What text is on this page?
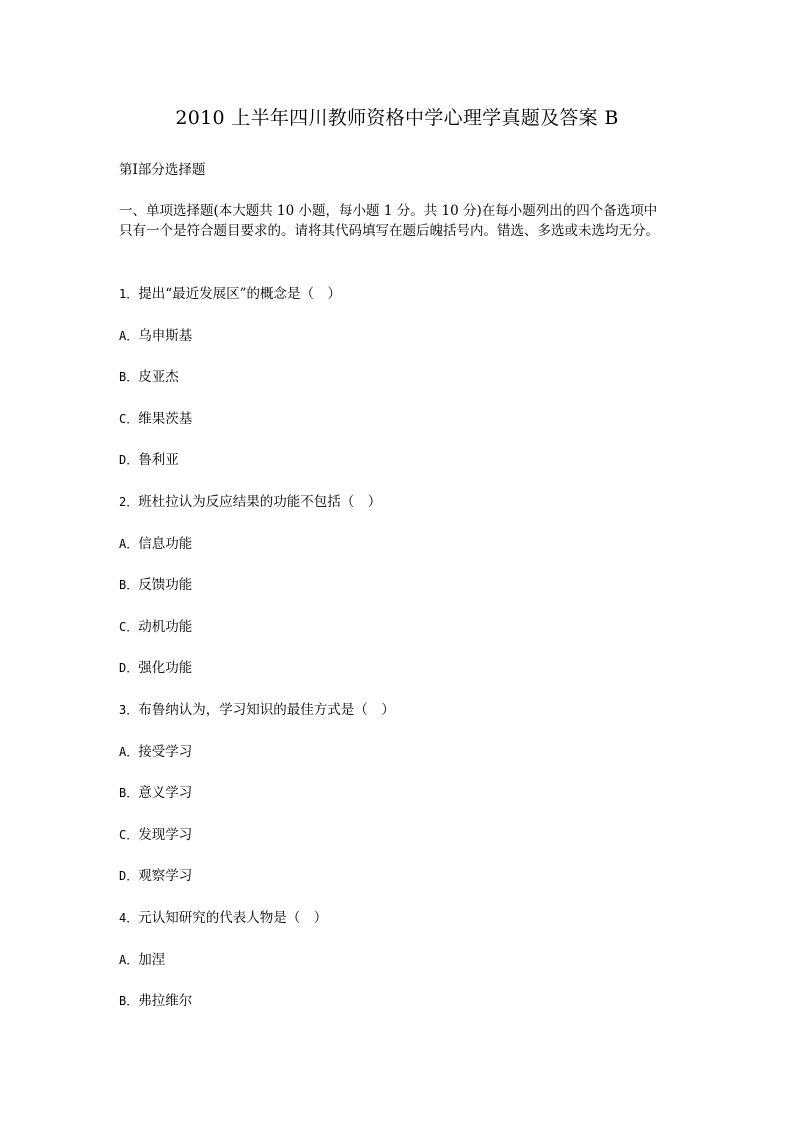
2010 上半年四川教师资格中学心理学真题及答案 B
第Ⅰ部分选择题
一、单项选择题(本大题共 10 小题，每小题 1 分。共 10 分)在每小题列出的四个备选项中
只有一个是符合题目要求的。请将其代码填写在题后魄括号内。错选、多选或未选均无分。
1．提出“最近发展区”的概念是（　）
A．乌申斯基
B．皮亚杰
C．维果茨基
D．鲁利亚
2．班杜拉认为反应结果的功能不包括（　）
A．信息功能
B．反馈功能
C．动机功能
D．强化功能
3．布鲁纳认为，学习知识的最佳方式是（　）
A．接受学习
B．意义学习
C．发现学习
D．观察学习
4．元认知研究的代表人物是（　）
A．加涅
B．弗拉维尔
